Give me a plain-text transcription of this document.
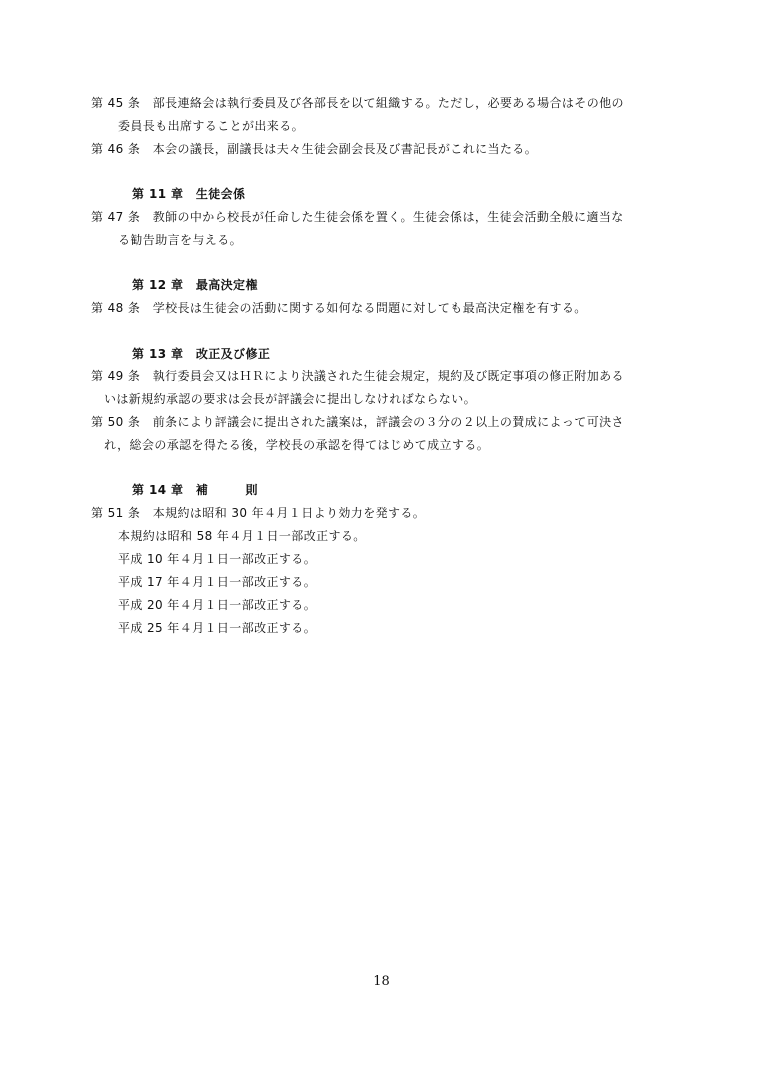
第 45 条　部長連絡会は執行委員及び各部長を以て組織する。ただし，必要ある場合はその他の
委員長も出席することが出来る。
第 46 条　本会の議長，副議長は夫々生徒会副会長及び書記長がこれに当たる。
第 11 章　生徒会係
第 47 条　教師の中から校長が任命した生徒会係を置く。生徒会係は，生徒会活動全般に適当な
る勧告助言を与える。
第 12 章　最高決定権
第 48 条　学校長は生徒会の活動に関する如何なる問題に対しても最高決定権を有する。
第 13 章　改正及び修正
第 49 条　執行委員会又はＨＲにより決議された生徒会規定，規約及び既定事項の修正附加ある
いは新規約承認の要求は会長が評議会に提出しなければならない。
第 50 条　前条により評議会に提出された議案は，評議会の３分の２以上の賛成によって可決さ
れ，総会の承認を得たる後，学校長の承認を得てはじめて成立する。
第 14 章　補　　　則
第 51 条　本規約は昭和 30 年４月１日より効力を発する。
本規約は昭和 58 年４月１日一部改正する。
平成 10 年４月１日一部改正する。
平成 17 年４月１日一部改正する。
平成 20 年４月１日一部改正する。
平成 25 年４月１日一部改正する。
18
